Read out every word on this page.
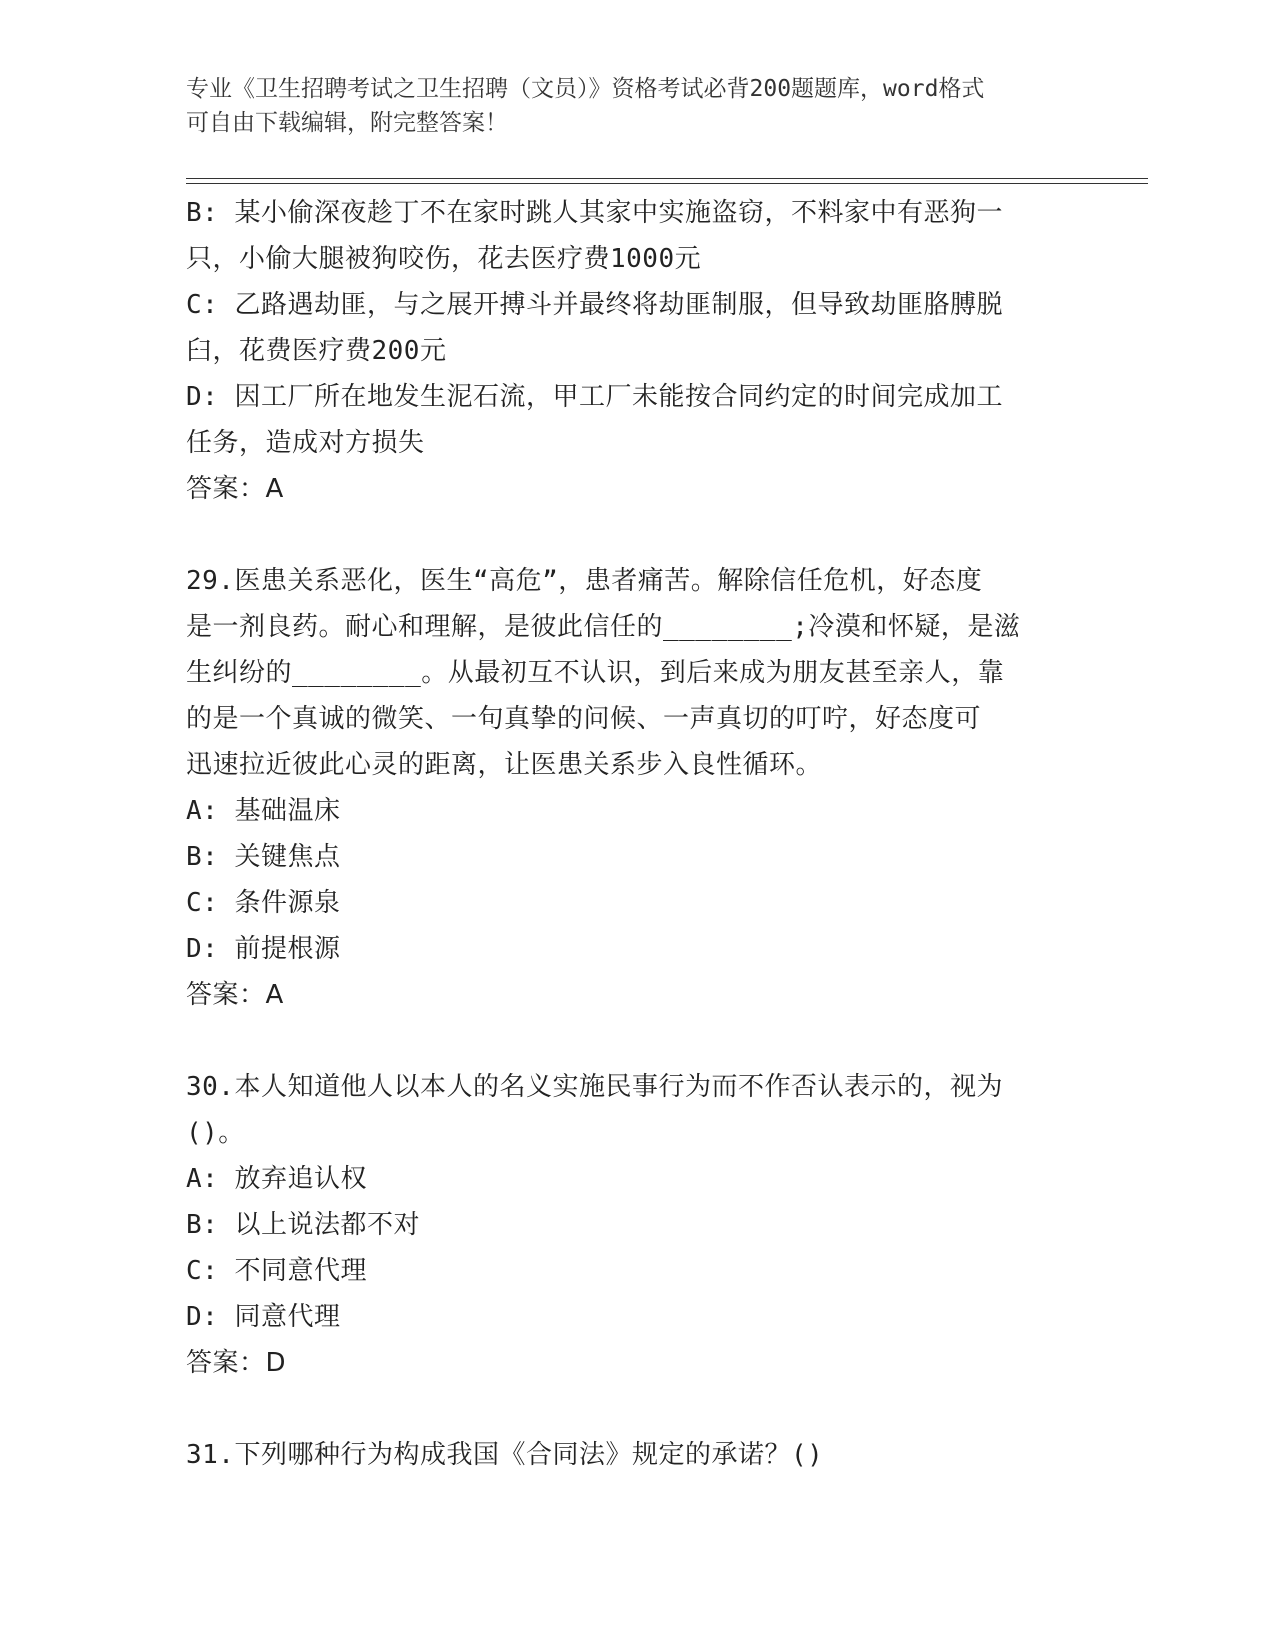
专业《卫生招聘考试之卫生招聘（文员）》资格考试必背200题题库，word格式
可自由下载编辑，附完整答案！
B: 某小偷深夜趁丁不在家时跳人其家中实施盗窃，不料家中有恶狗一
只，小偷大腿被狗咬伤，花去医疗费1000元
C: 乙路遇劫匪，与之展开搏斗并最终将劫匪制服，但导致劫匪胳膊脱
臼，花费医疗费200元
D: 因工厂所在地发生泥石流，甲工厂未能按合同约定的时间完成加工
任务，造成对方损失
答案：A
29.医患关系恶化，医生“高危”，患者痛苦。解除信任危机，好态度
是一剂良药。耐心和理解，是彼此信任的________;冷漠和怀疑，是滋
生纠纷的________。从最初互不认识，到后来成为朋友甚至亲人，靠
的是一个真诚的微笑、一句真挚的问候、一声真切的叮咛，好态度可
迅速拉近彼此心灵的距离，让医患关系步入良性循环。
A: 基础温床
B: 关键焦点
C: 条件源泉
D: 前提根源
答案：A
30.本人知道他人以本人的名义实施民事行为而不作否认表示的，视为
()。
A: 放弃追认权
B: 以上说法都不对
C: 不同意代理
D: 同意代理
答案：D
31.下列哪种行为构成我国《合同法》规定的承诺？()
